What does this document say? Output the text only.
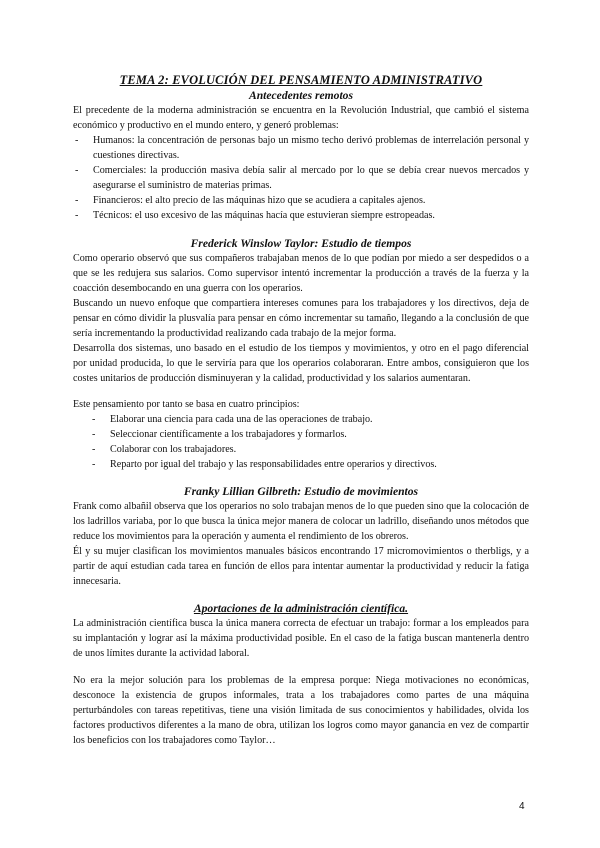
TEMA 2: EVOLUCIÓN DEL PENSAMIENTO ADMINISTRATIVO
Antecedentes remotos

El precedente de la moderna administración se encuentra en la Revolución Industrial, que cambió el sistema económico y productivo en el mundo entero, y generó problemas:

- Humanos: la concentración de personas bajo un mismo techo derivó problemas de interrelación personal y cuestiones directivas.
- Comerciales: la producción masiva debía salir al mercado por lo que se debía crear nuevos mercados y asegurarse el suministro de materias primas.
- Financieros: el alto precio de las máquinas hizo que se acudiera a capitales ajenos.
- Técnicos: el uso excesivo de las máquinas hacía que estuvieran siempre estropeadas.
Frederick Winslow Taylor: Estudio de tiempos

Como operario observó que sus compañeros trabajaban menos de lo que podían por miedo a ser despedidos o a que se les redujera sus salarios. Como supervisor intentó incrementar la producción a través de la fuerza y la coacción desembocando en una guerra con los operarios.

Buscando un nuevo enfoque que compartiera intereses comunes para los trabajadores y los directivos, deja de pensar en cómo dividir la plusvalía para pensar en cómo incrementar su tamaño, llegando a la conclusión de que sería incrementando la productividad realizando cada trabajo de la mejor forma.

Desarrolla dos sistemas, uno basado en el estudio de los tiempos y movimientos, y otro en el pago diferencial por unidad producida, lo que le serviría para que los operarios colaboraran. Entre ambos, consiguieron que los costes unitarios de producción disminuyeran y la calidad, productividad y los salarios aumentaran.

Este pensamiento por tanto se basa en cuatro principios:

- Elaborar una ciencia para cada una de las operaciones de trabajo.
- Seleccionar científicamente a los trabajadores y formarlos.
- Colaborar con los trabajadores.
- Reparto por igual del trabajo y las responsabilidades entre operarios y directivos.
Franky Lillian Gilbreth: Estudio de movimientos

Frank como albañil observa que los operarios no solo trabajan menos de lo que pueden sino que la colocación de los ladrillos variaba, por lo que busca la única mejor manera de colocar un ladrillo, diseñando unos métodos que reduce los movimientos para la operación y aumenta el rendimiento de los obreros.

Él y su mujer clasifican los movimientos manuales básicos encontrando 17 micromovimientos o therbligs, y a partir de aquí estudian cada tarea en función de ellos para intentar aumentar la productividad y reducir la fatiga innecesaria.

Aportaciones de la administración científica.

La administración científica busca la única manera correcta de efectuar un trabajo: formar a los empleados para su implantación y lograr así la máxima productividad posible. En el caso de la fatiga buscan mantenerla dentro de unos límites durante la actividad laboral.

No era la mejor solución para los problemas de la empresa porque: Niega motivaciones no económicas, desconoce la existencia de grupos informales, trata a los trabajadores como partes de una máquina perturbándoles con tareas repetitivas, tiene una visión limitada de sus conocimientos y habilidades, olvida los factores productivos diferentes a la mano de obra, utilizan los logros como mayor ganancia en vez de compartir los beneficios con los trabajadores como Taylor…

4
